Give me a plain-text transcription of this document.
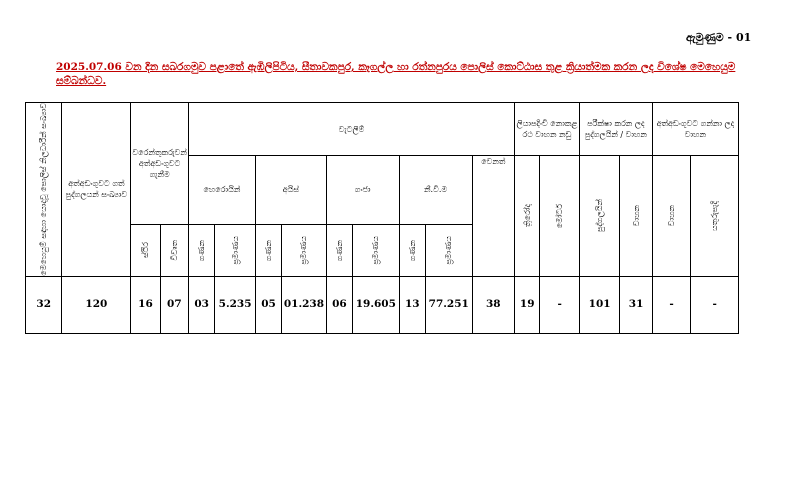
ඇමුණුම - 01
2025.07.06 වන දින සබරගමුව පළාතේ ඇඹිලිපිටිය, සීතාවකපුර, කෑගල්ල හා රත්නපුරය පොලිස් කොට්ඨාස තුළ ක්‍රියාත්මක කරන ලද විශේෂ මෙහෙයුම සම්බන්ධව.
මෙහෙයුම් සඳහා යොදවූ පොලිස් නිලධාරීන් සංඛ්‍යාව	අත්අඩංගුවට ගත් පුද්ගලයන් සංඛ්‍යාව	වරෙන්තුකරුවන් අත්අඩංගුවට ගැනීම		වැටලීම්									ලියාපදිංචි නොකළ රථ වාහන නඩු		පරීක්ෂා කරන ලද පුද්ගලයින් / වාහන		අත්අඩංගුවට ගන්නා ලද වාහන	
				හෙරොයින්		අයිස්		ගංජා		නී.වි.ම		වෙනත්	ත්‍රිරෝද	මෝටර්	පුද්ගලයින්	වාහන	වාහන	යතුරුපැදි

		ස්ථිර	විවෘත	ගණන	ප්‍රමාණය	ගණන	ප්‍රමාණය	ගණන	ප්‍රමාණය	ගණන	ප්‍රමාණය							

32	120	16	07	03	5.235	05	01.238	06	19.605	13	77.251	38	19	-	101	31	-	-
